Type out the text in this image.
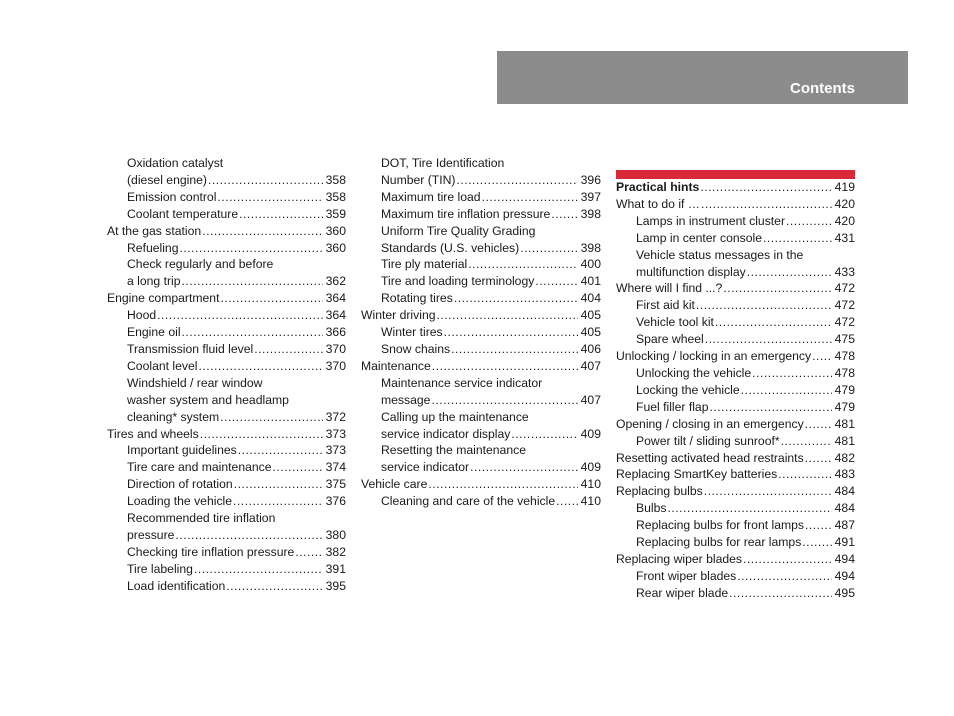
Contents
Oxidation catalyst
(diesel engine) .....	358
Emission control .....	358
Coolant temperature .....	359
At the gas station .....	360
Refueling .....	360
Check regularly and before
a long trip .....	362
Engine compartment .....	364
Hood .....	364
Engine oil .....	366
Transmission fluid level .....	370
Coolant level .....	370
Windshield / rear window
washer system and headlamp
cleaning* system .....	372
Tires and wheels .....	373
Important guidelines .....	373
Tire care and maintenance .....	374
Direction of rotation .....	375
Loading the vehicle .....	376
Recommended tire inflation
pressure .....	380
Checking tire inflation pressure .....	382
Tire labeling .....	391
Load identification .....	395
DOT, Tire Identification
Number (TIN) .....	396
Maximum tire load .....	397
Maximum tire inflation pressure ..... 398
Uniform Tire Quality Grading
Standards (U.S. vehicles) .....	398
Tire ply material .....	400
Tire and loading terminology .....	401
Rotating tires .....	404
Winter driving .....	405
Winter tires .....	405
Snow chains .....	406
Maintenance .....	407
Maintenance service indicator
message .....	407
Calling up the maintenance
service indicator display .....	409
Resetting the maintenance
service indicator .....	409
Vehicle care .....	410
Cleaning and care of the vehicle ..... 410
Practical hints .....	419
What to do if … .....	420
Lamps in instrument cluster .....	420
Lamp in center console .....	431
Vehicle status messages in the
multifunction display .....	433
Where will I find ...? .....	472
First aid kit .....	472
Vehicle tool kit .....	472
Spare wheel .....	475
Unlocking / locking in an emergency ..... 478
Unlocking the vehicle .....	478
Locking the vehicle .....	479
Fuel filler flap .....	479
Opening / closing in an emergency .....	481
Power tilt / sliding sunroof* .....	481
Resetting activated head restraints .....	482
Replacing SmartKey batteries .....	483
Replacing bulbs .....	484
Bulbs .....	484
Replacing bulbs for front lamps .....	487
Replacing bulbs for rear lamps .....	491
Replacing wiper blades .....	494
Front wiper blades .....	494
Rear wiper blade .....	495
